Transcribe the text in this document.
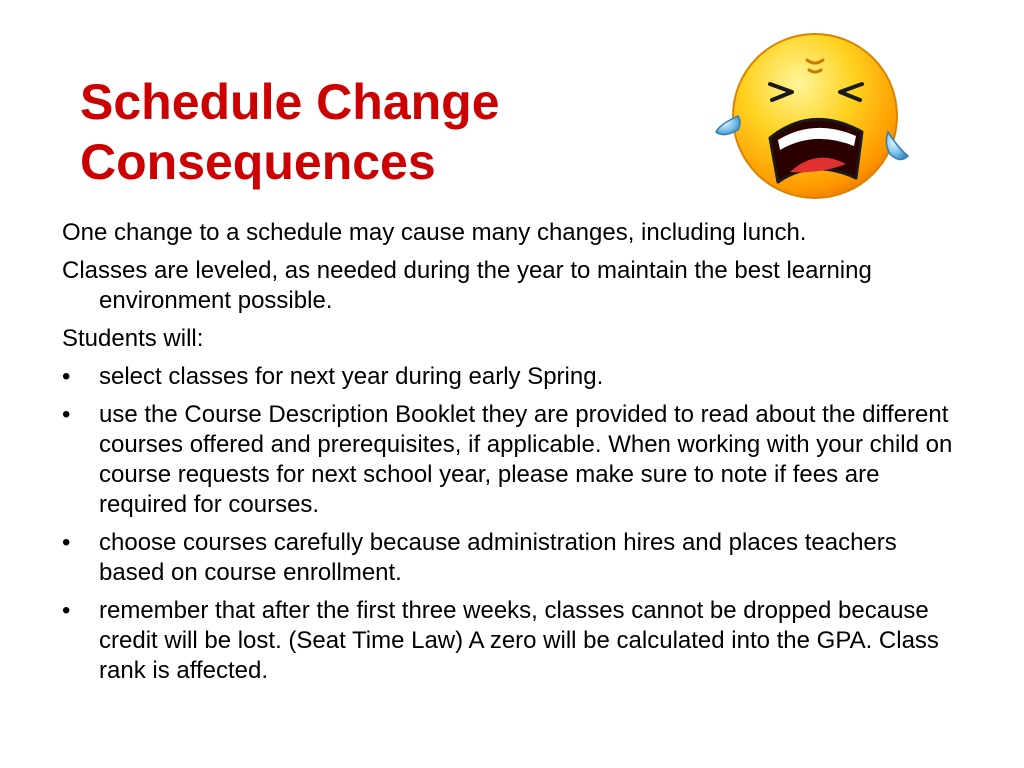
Schedule Change
Consequences

One change to a schedule may cause many changes, including lunch.

Classes are leveled, as needed during the year to maintain the best learning environment possible.

Students will:

•	select classes for next year during early Spring.
•	use the Course Description Booklet they are provided to read about the different courses offered and prerequisites, if applicable. When working with your child on course requests for next school year, please make sure to note if fees are required for courses.
•	choose courses carefully because administration hires and places teachers based on course enrollment.
•	remember that after the first three weeks, classes cannot be dropped because credit will be lost. (Seat Time Law) A zero will be calculated into the GPA. Class rank is affected.
